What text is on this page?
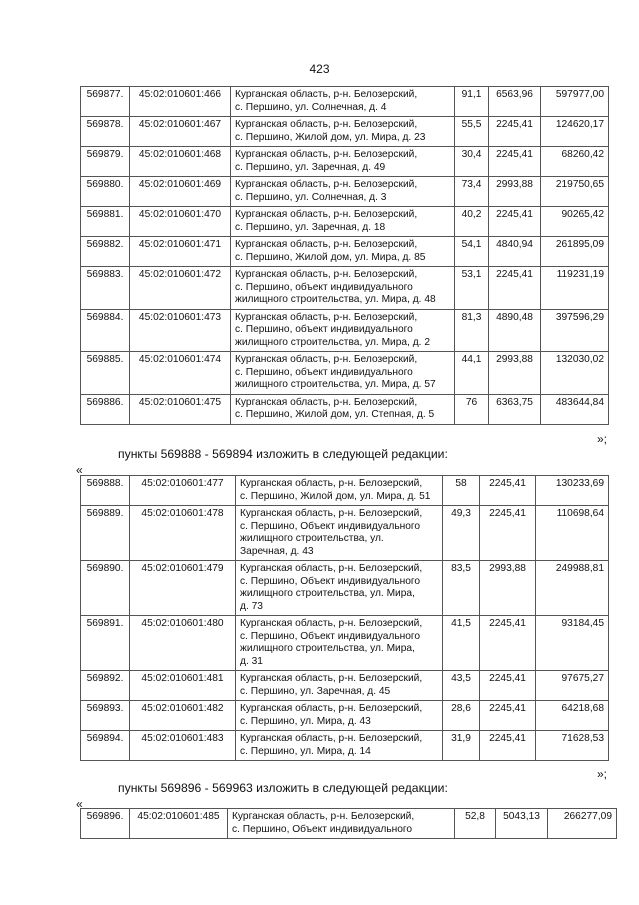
423
569877.	45:02:010601:466	Курганская область, р-н. Белозерский,
с. Першино, ул. Солнечная, д. 4	91,1	6563,96	597977,00
569878.	45:02:010601:467	Курганская область, р-н. Белозерский,
с. Першино, Жилой дом, ул. Мира, д. 23	55,5	2245,41	124620,17
569879.	45:02:010601:468	Курганская область, р-н. Белозерский,
с. Першино, ул. Заречная, д. 49	30,4	2245,41	68260,42
569880.	45:02:010601:469	Курганская область, р-н. Белозерский,
с. Першино, ул. Солнечная, д. 3	73,4	2993,88	219750,65
569881.	45:02:010601:470	Курганская область, р-н. Белозерский,
с. Першино, ул. Заречная, д. 18	40,2	2245,41	90265,42
569882.	45:02:010601:471	Курганская область, р-н. Белозерский,
с. Першино, Жилой дом, ул. Мира, д. 85	54,1	4840,94	261895,09
569883.	45:02:010601:472	Курганская область, р-н. Белозерский,
с. Першино, объект индивидуального
жилищного строительства, ул. Мира, д. 48	53,1	2245,41	119231,19
569884.	45:02:010601:473	Курганская область, р-н. Белозерский,
с. Першино, объект индивидуального
жилищного строительства, ул. Мира, д. 2	81,3	4890,48	397596,29
569885.	45:02:010601:474	Курганская область, р-н. Белозерский,
с. Першино, объект индивидуального
жилищного строительства, ул. Мира, д. 57	44,1	2993,88	132030,02
569886.	45:02:010601:475	Курганская область, р-н. Белозерский,
с. Першино, Жилой дом, ул. Степная, д. 5	76	6363,75	483644,84
»;
пункты 569888 - 569894 изложить в следующей редакции:
«
569888.	45:02:010601:477	Курганская область, р-н. Белозерский,
с. Першино, Жилой дом, ул. Мира, д. 51	58	2245,41	130233,69
569889.	45:02:010601:478	Курганская область, р-н. Белозерский,
с. Першино, Объект индивидуального
жилищного строительства, ул.
Заречная, д. 43	49,3	2245,41	110698,64
569890.	45:02:010601:479	Курганская область, р-н. Белозерский,
с. Першино, Объект индивидуального
жилищного строительства, ул. Мира,
д. 73	83,5	2993,88	249988,81
569891.	45:02:010601:480	Курганская область, р-н. Белозерский,
с. Першино, Объект индивидуального
жилищного строительства, ул. Мира,
д. 31	41,5	2245,41	93184,45
569892.	45:02:010601:481	Курганская область, р-н. Белозерский,
с. Першино, ул. Заречная, д. 45	43,5	2245,41	97675,27
569893.	45:02:010601:482	Курганская область, р-н. Белозерский,
с. Першино, ул. Мира, д. 43	28,6	2245,41	64218,68
569894.	45:02:010601:483	Курганская область, р-н. Белозерский,
с. Першино, ул. Мира, д. 14	31,9	2245,41	71628,53
»;
пункты 569896 - 569963 изложить в следующей редакции:
«
569896.	45:02:010601:485	Курганская область, р-н. Белозерский,
с. Першино, Объект индивидуального
	52,8	5043,13	266277,09
